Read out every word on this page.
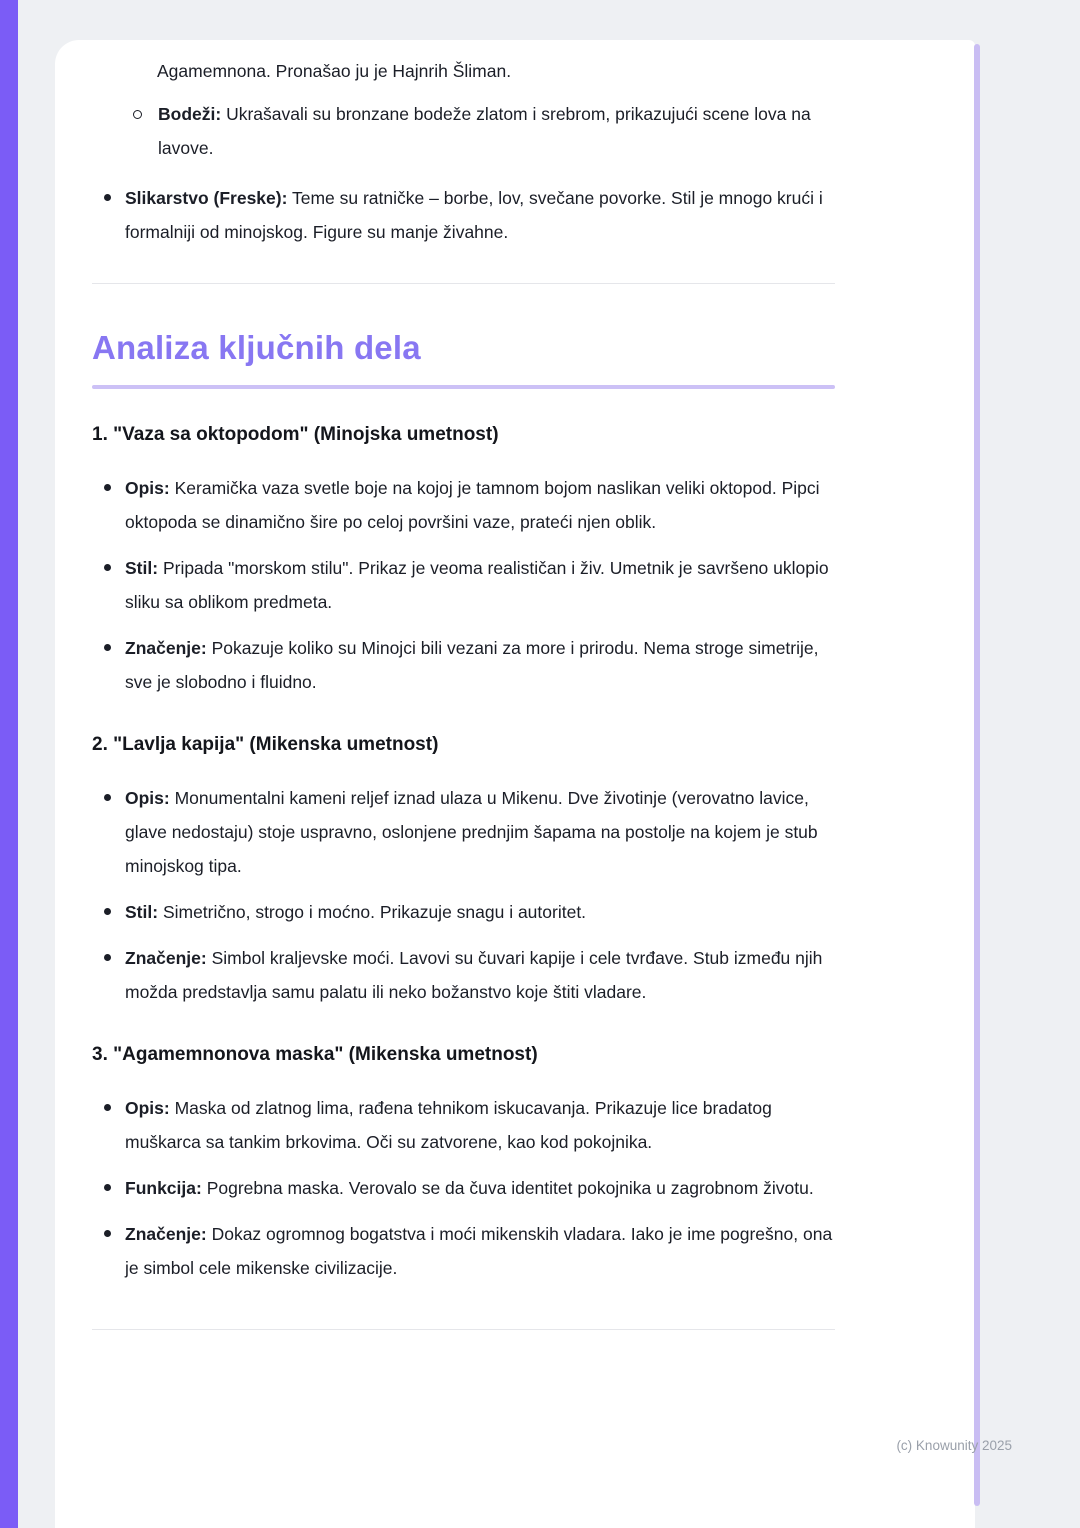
Agamemnona. Pronašao ju je Hajnrih Šliman.

Bodeži: Ukrašavali su bronzane bodeže zlatom i srebrom, prikazujući scene lova na lavove.

Slikarstvo (Freske): Teme su ratničke – borbe, lov, svečane povorke. Stil je mnogo krući i formalniji od minojskog. Figure su manje živahne.

Analiza ključnih dela
1. "Vaza sa oktopodom" (Minojska umetnost)

Opis: Keramička vaza svetle boje na kojoj je tamnom bojom naslikan veliki oktopod. Pipci oktopoda se dinamično šire po celoj površini vaze, prateći njen oblik.

Stil: Pripada "morskom stilu". Prikaz je veoma realističan i živ. Umetnik je savršeno uklopio sliku sa oblikom predmeta.

Značenje: Pokazuje koliko su Minojci bili vezani za more i prirodu. Nema stroge simetrije, sve je slobodno i fluidno.

2. "Lavlja kapija" (Mikenska umetnost)

Opis: Monumentalni kameni reljef iznad ulaza u Mikenu. Dve životinje (verovatno lavice, glave nedostaju) stoje uspravno, oslonjene prednjim šapama na postolje na kojem je stub minojskog tipa.

Stil: Simetrično, strogo i moćno. Prikazuje snagu i autoritet.

Značenje: Simbol kraljevske moći. Lavovi su čuvari kapije i cele tvrđave. Stub između njih možda predstavlja samu palatu ili neko božanstvo koje štiti vladare.

3. "Agamemnonova maska" (Mikenska umetnost)

Opis: Maska od zlatnog lima, rađena tehnikom iskucavanja. Prikazuje lice bradatog muškarca sa tankim brkovima. Oči su zatvorene, kao kod pokojnika.

Funkcija: Pogrebna maska. Verovalo se da čuva identitet pokojnika u zagrobnom životu.

Značenje: Dokaz ogromnog bogatstva i moći mikenskih vladara. Iako je ime pogrešno, ona je simbol cele mikenske civilizacije.

(c) Knowunity 2025
